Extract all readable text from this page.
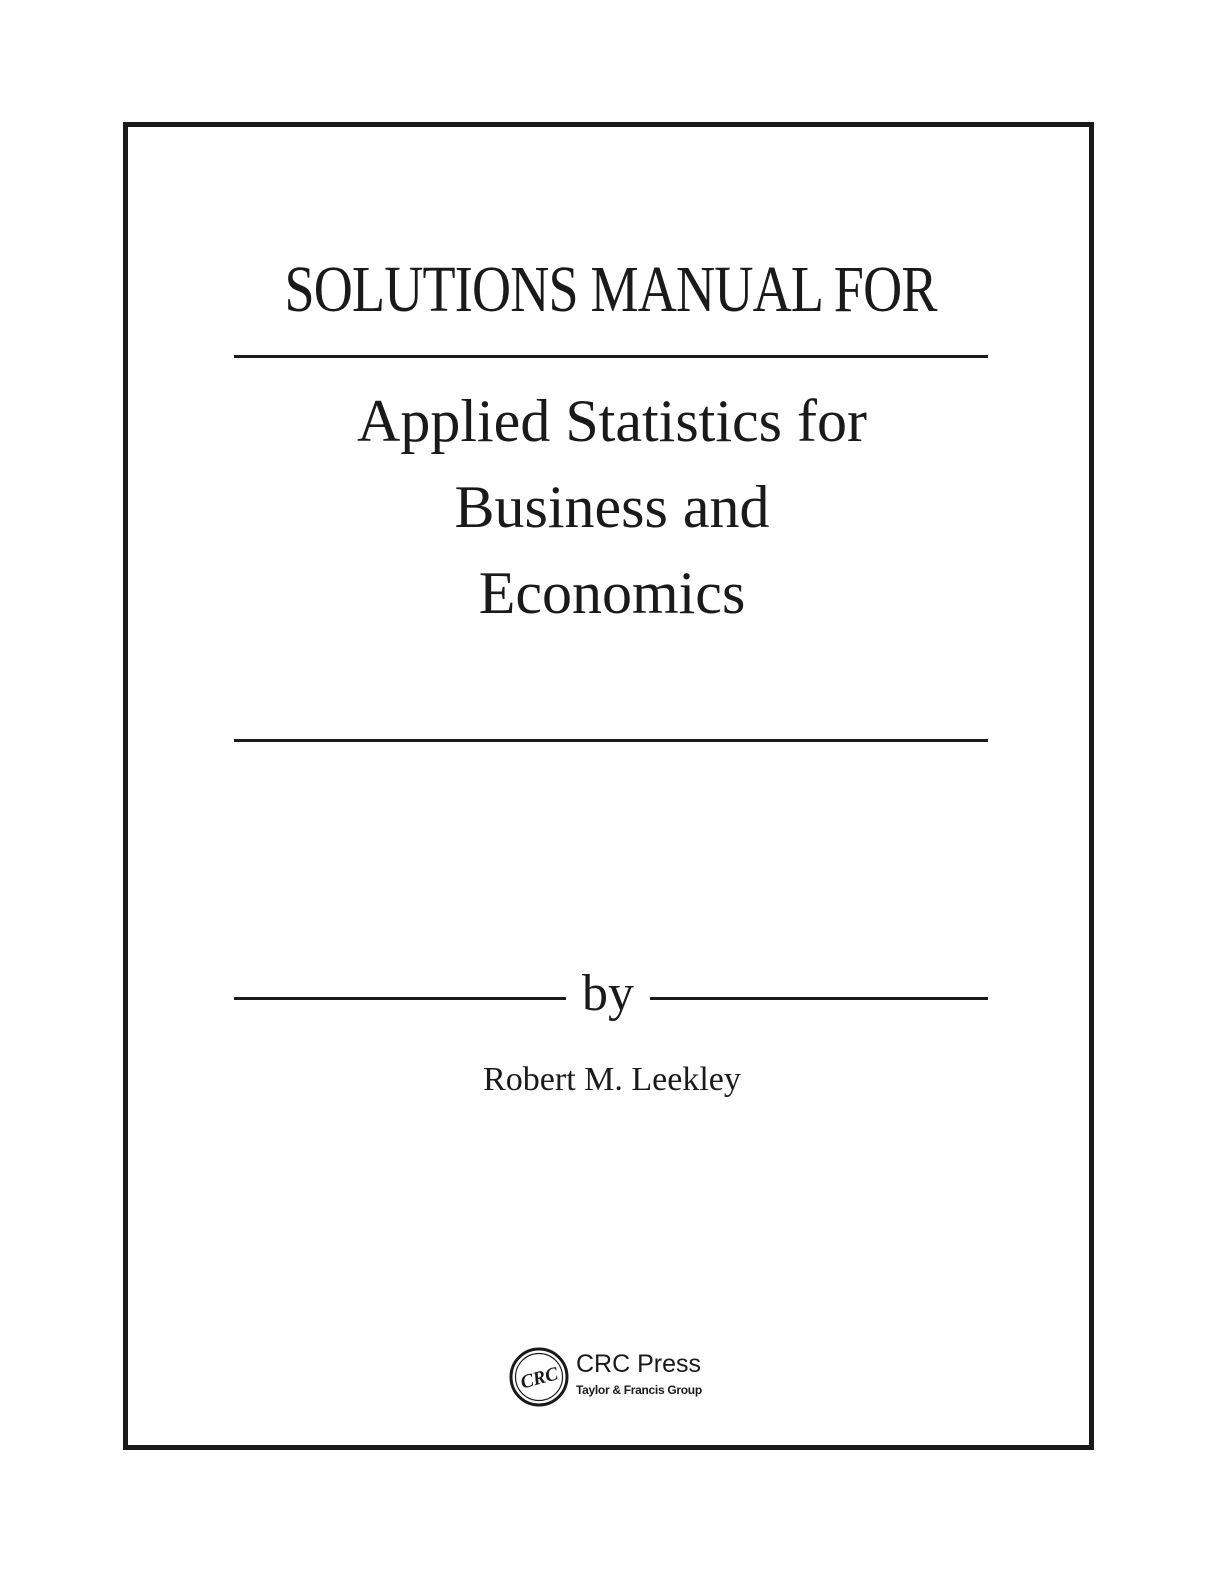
SOLUTIONS MANUAL FOR
Applied Statistics for
Business and
Economics
by
Robert M. Leekley
CRC CRC Press
Taylor & Francis Group
